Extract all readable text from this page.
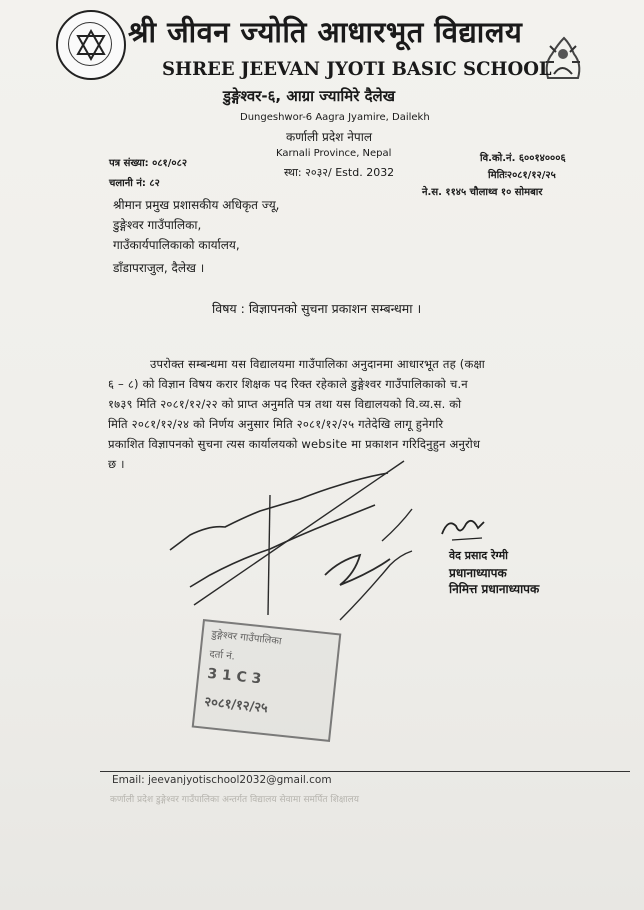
श्री जीवन ज्योति आधारभूत विद्यालय
SHREE JEEVAN JYOTI BASIC SCHOOL
डुङ्गेश्वर-६, आग्रा ज्यामिरे दैलेख
Dungeshwor-6 Aagra Jyamire, Dailekh
कर्णाली प्रदेश नेपाल
Karnali Province, Nepal
स्था: २०३२/ Estd. 2032
पत्र संख्या: ०८१/०८२
चलानी नं: ८२
वि.को.नं. ६००१४०००६
मितिः२०८१/१२/२५
ने.स. ११४५ चौलाथ्व १० सोमबार
श्रीमान प्रमुख प्रशासकीय अधिकृत ज्यू,
डुङ्गेश्वर गाउँपालिका,
गाउँकार्यपालिकाको कार्यालय,
डाँडापराजुल, दैलेख ।
विषय : विज्ञापनको सुचना प्रकाशन सम्बन्धमा ।
उपरोक्त सम्बन्धमा यस विद्यालयमा गाउँपालिका अनुदानमा आधारभूत तह (कक्षा
६ – ८) को विज्ञान विषय करार शिक्षक पद रिक्त रहेकाले डुङ्गेश्वर गाउँपालिकाको च.न
१७३९ मिति २०८१/१२/२२ को प्राप्त अनुमति पत्र तथा यस विद्यालयको वि.व्य.स. को
मिति २०८१/१२/२४ को निर्णय अनुसार मिति २०८१/१२/२५ गतेदेखि लागू हुनेगरि
प्रकाशित विज्ञापनको सुचना त्यस कार्यालयको website मा प्रकाशन गरिदिनुहुन अनुरोध
छ ।
वेद प्रसाद रेग्मी
प्रधानाध्यापक
निमित्त प्रधानाध्यापक
डुङ्गेश्वर गाउँपालिका
दर्ता नं.
3 1 C 3
२०८१/१२/२५
Email: jeevanjyotischool2032@gmail.com
कर्णाली प्रदेश डुङ्गेश्वर गाउँपालिका अन्तर्गत विद्यालय सेवामा समर्पित शिक्षालय
